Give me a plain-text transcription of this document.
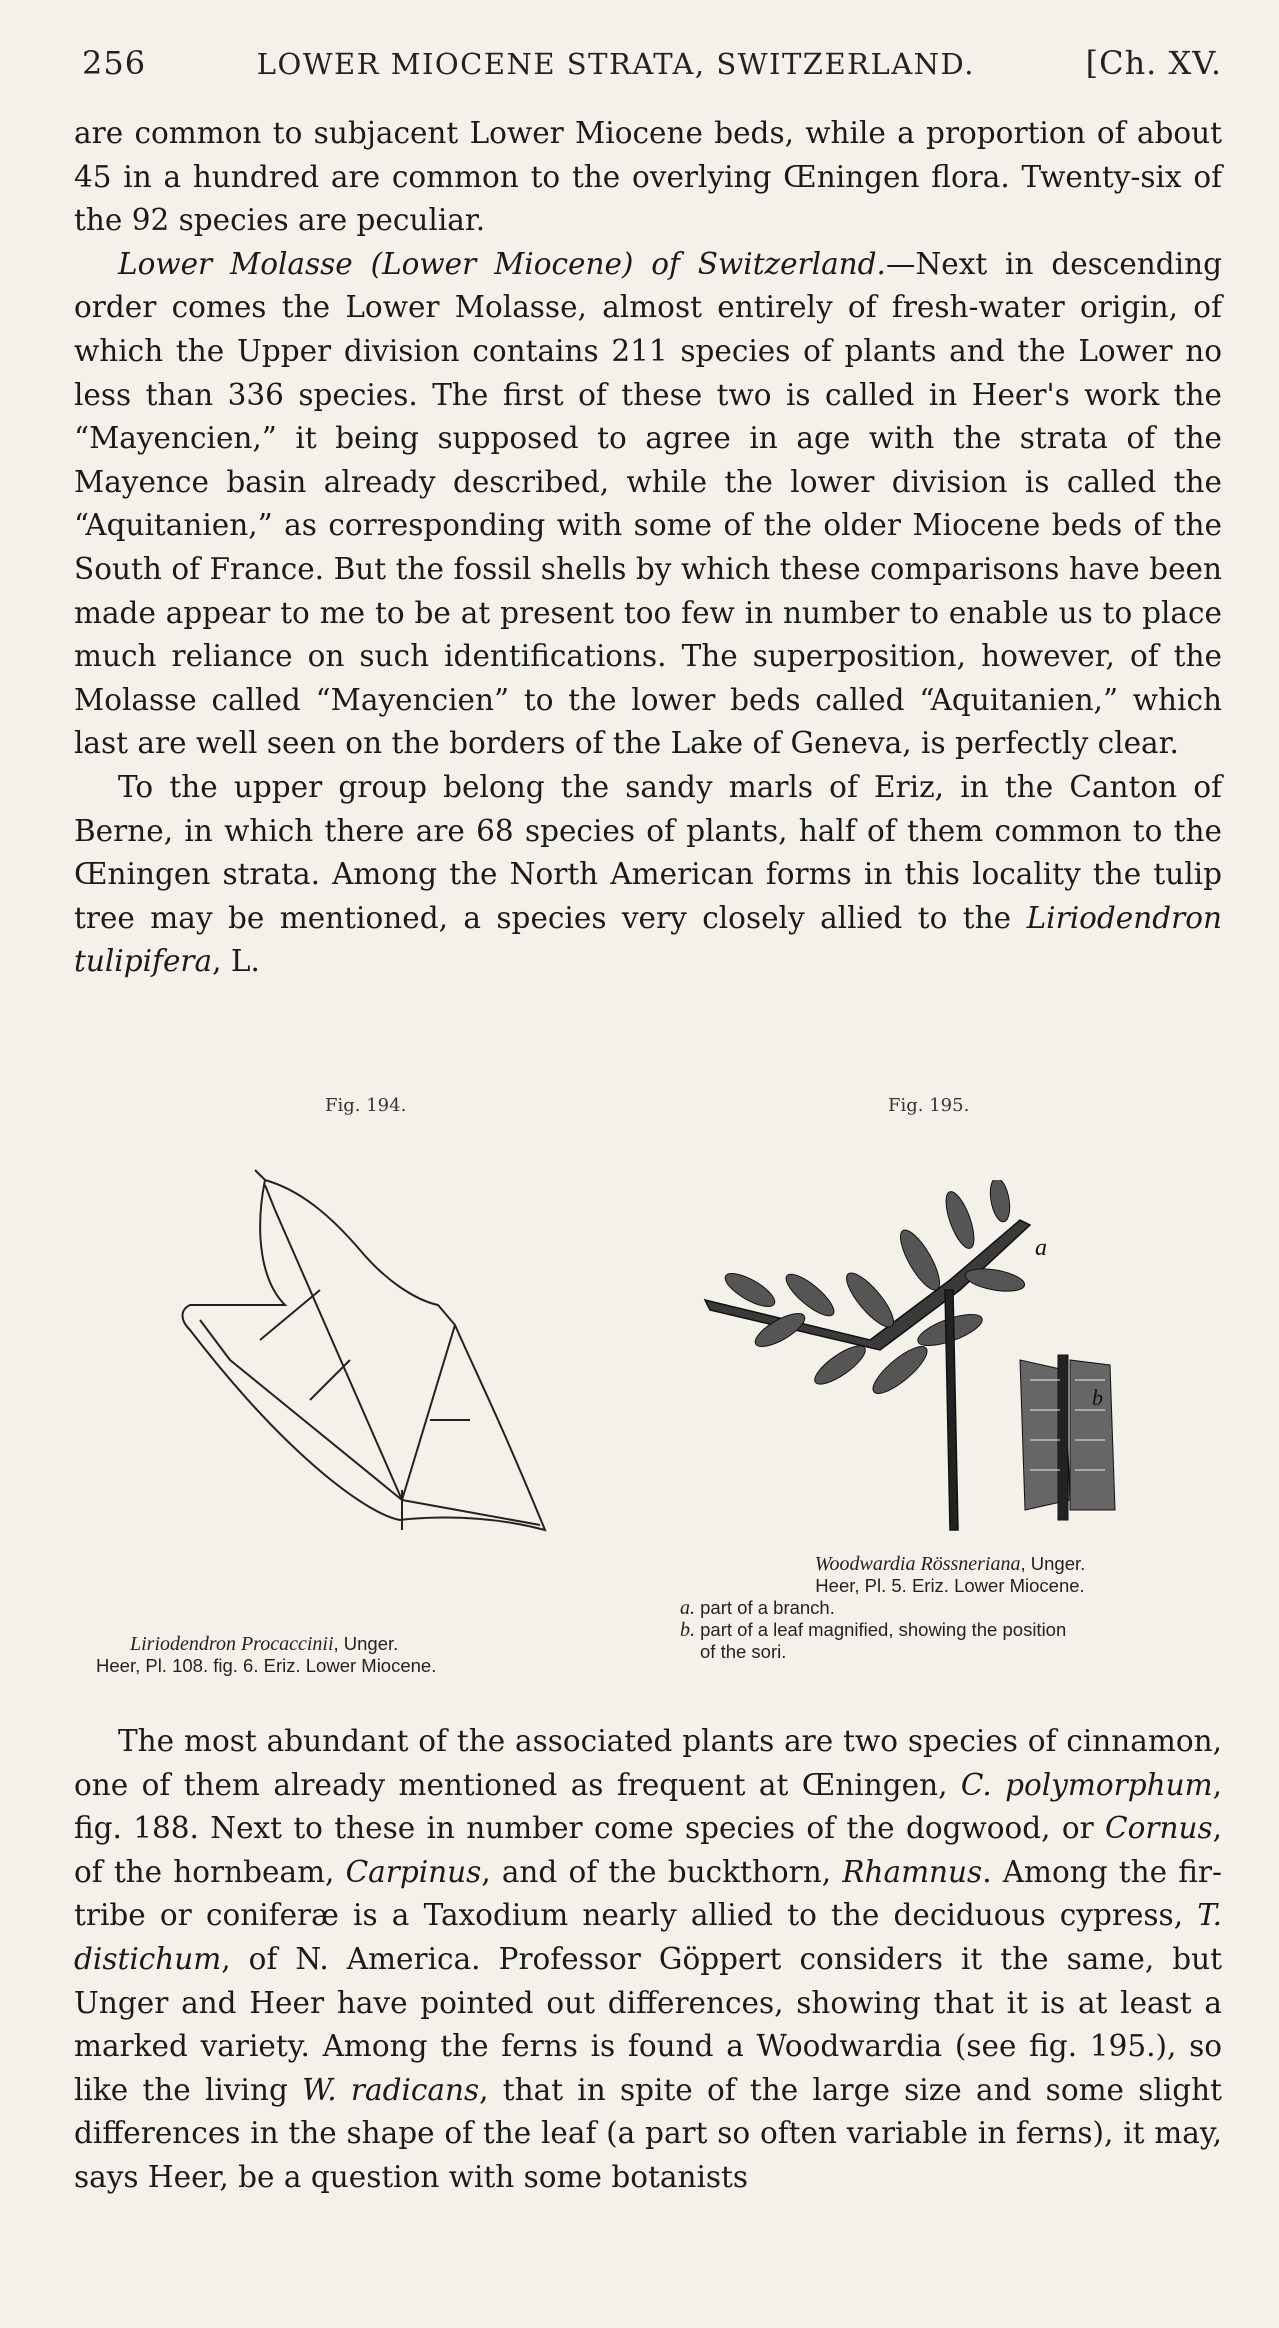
256	LOWER MIOCENE STRATA, SWITZERLAND.	[Ch. XV.

are common to subjacent Lower Miocene beds, while a proportion of about 45 in a hundred are common to the overlying Œningen flora. Twenty-six of the 92 species are peculiar.

Lower Molasse (Lower Miocene) of Switzerland.—Next in descending order comes the Lower Molasse, almost entirely of fresh-water origin, of which the Upper division contains 211 species of plants and the Lower no less than 336 species. The first of these two is called in Heer's work the “Mayencien,” it being supposed to agree in age with the strata of the Mayence basin already described, while the lower division is called the “Aquitanien,” as corresponding with some of the older Miocene beds of the South of France. But the fossil shells by which these comparisons have been made appear to me to be at present too few in number to enable us to place much reliance on such identifications. The superposition, however, of the Molasse called “Mayencien” to the lower beds called “Aquitanien,” which last are well seen on the borders of the Lake of Geneva, is perfectly clear.

To the upper group belong the sandy marls of Eriz, in the Canton of Berne, in which there are 68 species of plants, half of them common to the Œningen strata. Among the North American forms in this locality the tulip tree may be mentioned, a species very closely allied to the Liriodendron tulipifera, L.

Fig. 194.	Fig. 195.
a
b
Woodwardia Rössneriana, Unger.
Heer, Pl. 5. Eriz. Lower Miocene.
a. part of a branch.
b. part of a leaf magnified, showing the position
of the sori.
Liriodendron Procaccinii, Unger.
Heer, Pl. 108. fig. 6. Eriz. Lower Miocene.

The most abundant of the associated plants are two species of cinnamon, one of them already mentioned as frequent at Œningen, C. polymorphum, fig. 188. Next to these in number come species of the dogwood, or Cornus, of the hornbeam, Carpinus, and of the buckthorn, Rhamnus. Among the fir-tribe or coniferæ is a Taxodium nearly allied to the deciduous cypress, T. distichum, of N. America. Professor Göppert considers it the same, but Unger and Heer have pointed out differences, showing that it is at least a marked variety. Among the ferns is found a Woodwardia (see fig. 195.), so like the living W. radicans, that in spite of the large size and some slight differences in the shape of the leaf (a part so often variable in ferns), it may, says Heer, be a question with some botanists
